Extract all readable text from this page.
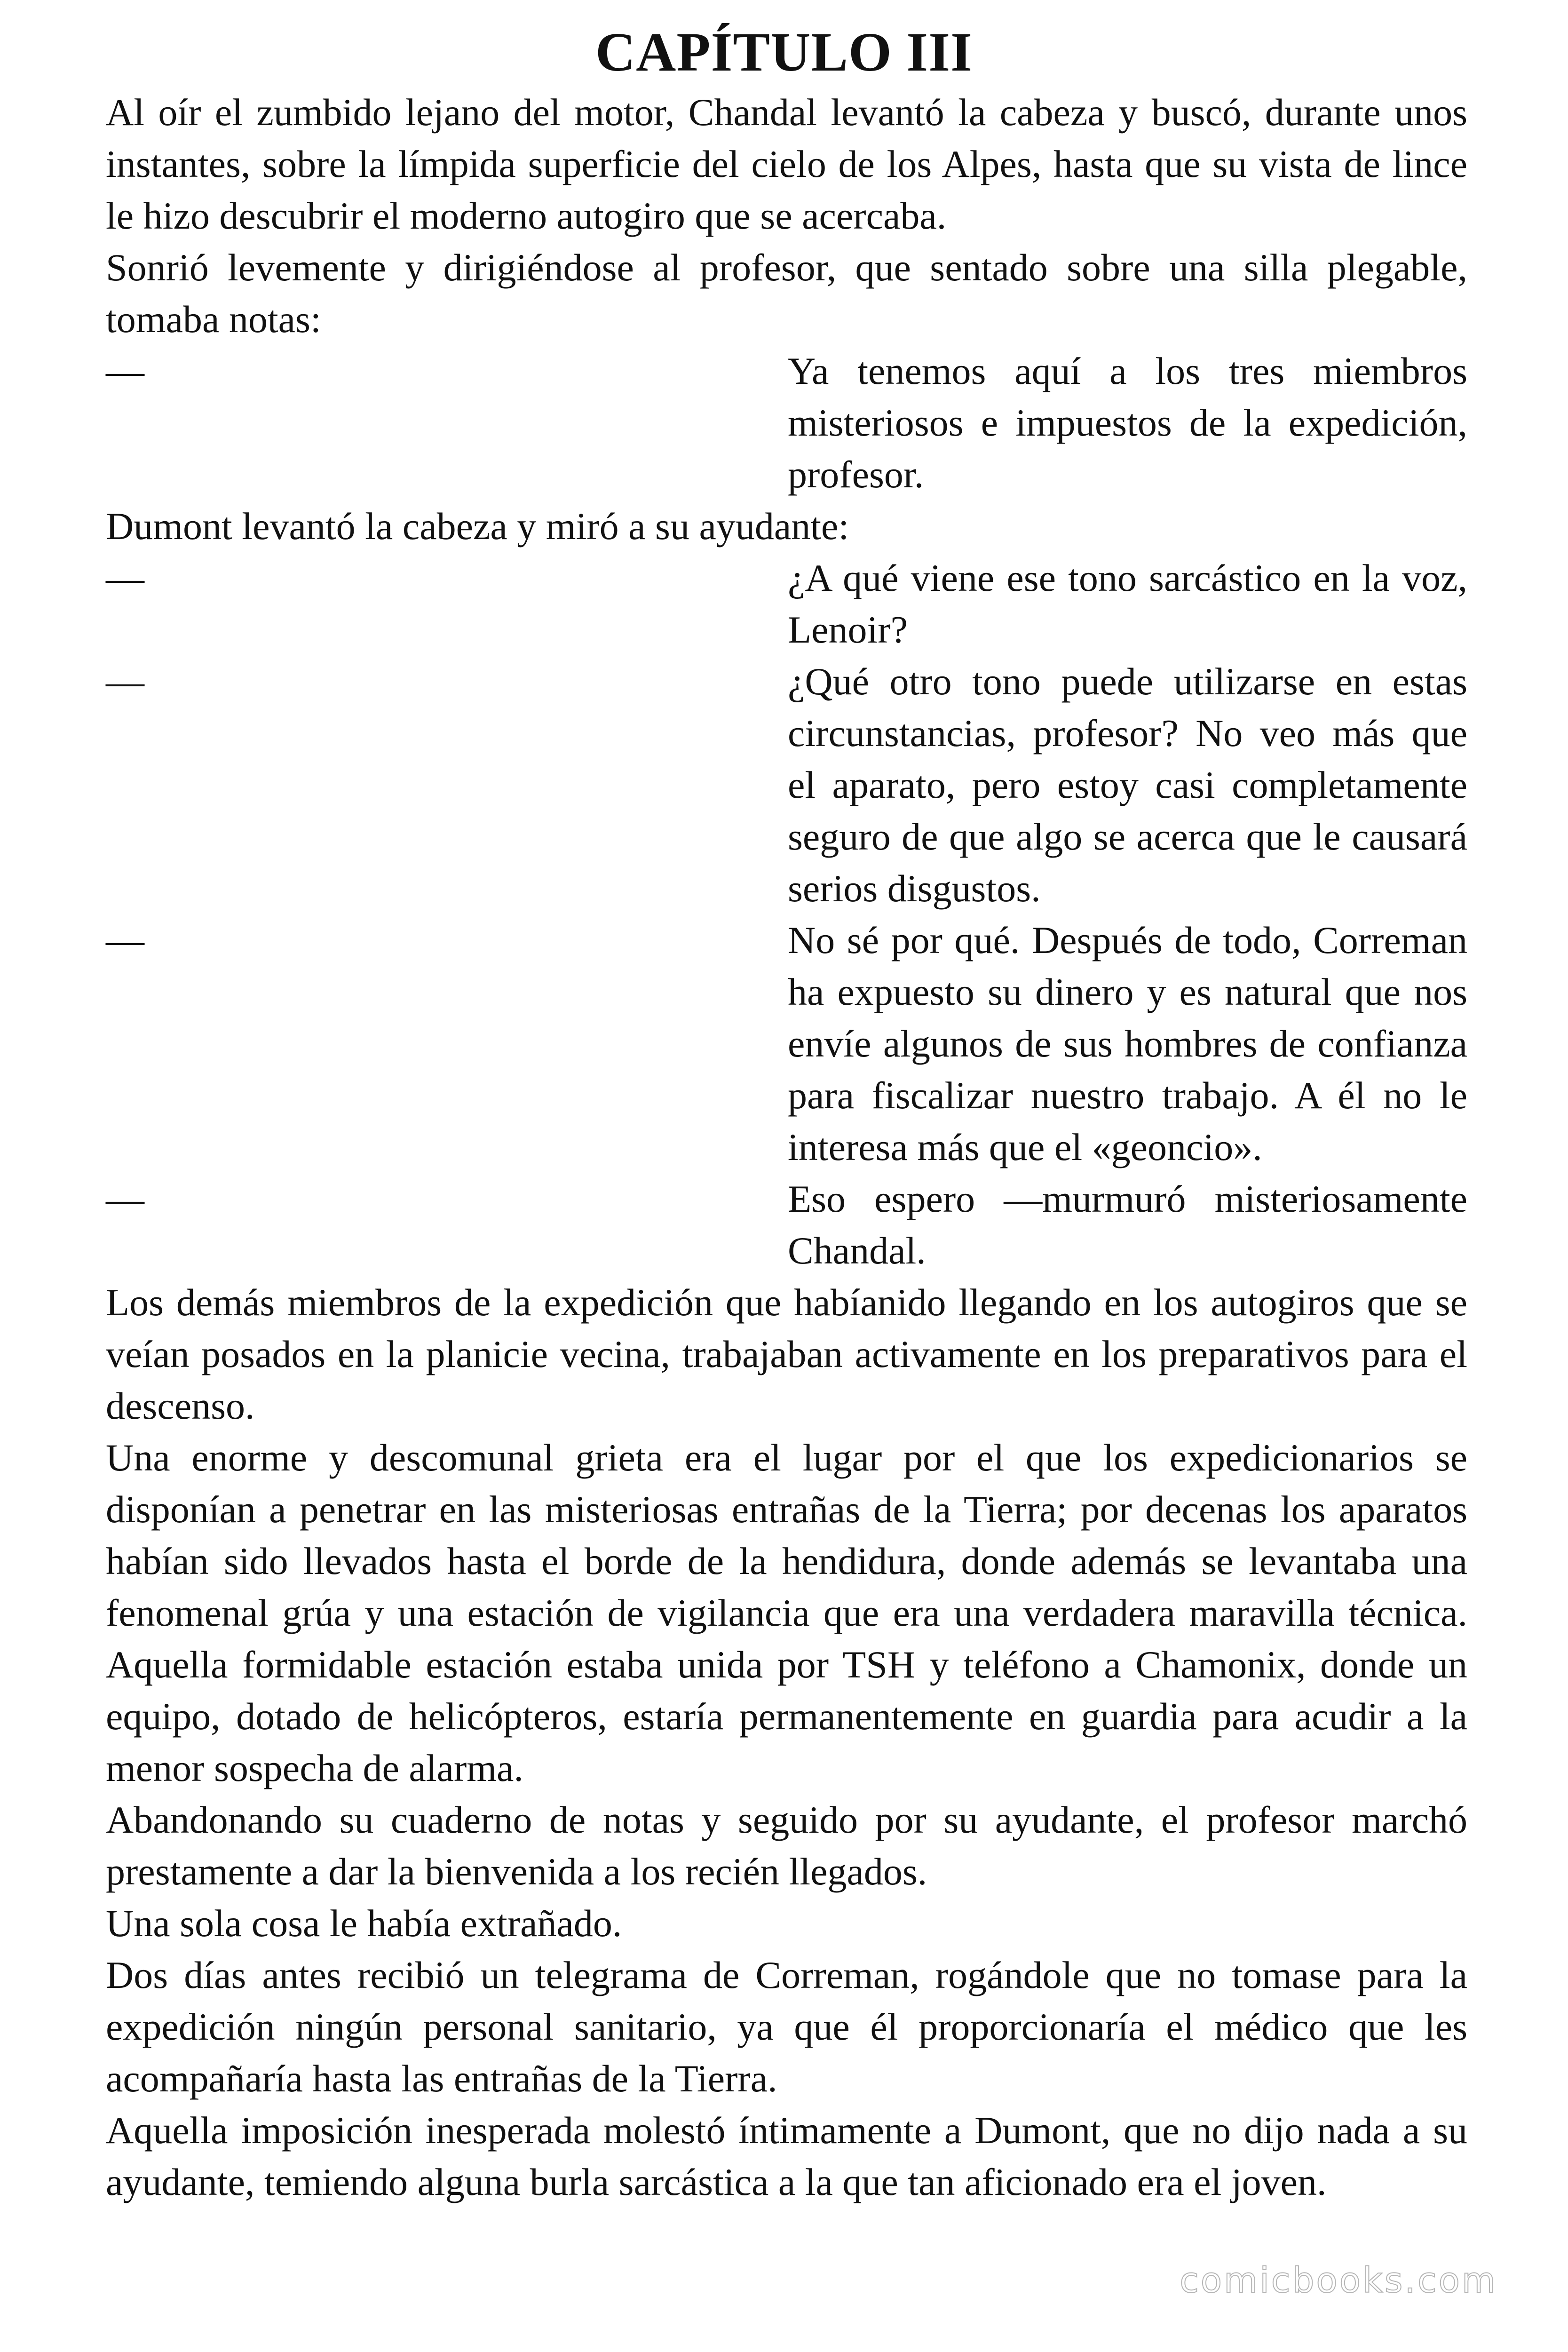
CAPÍTULO III

Al oír el zumbido lejano del motor, Chandal levantó la cabeza y buscó, durante unos instantes, sobre la límpida superficie del cielo de los Alpes, hasta que su vista de lince le hizo descubrir el moderno autogiro que se acercaba.

Sonrió levemente y dirigiéndose al profesor, que sentado sobre una silla plegable, tomaba notas:

—	Ya tenemos aquí a los tres miembros misteriosos e impuestos de la expedición, profesor.

Dumont levantó la cabeza y miró a su ayudante:

—	¿A qué viene ese tono sarcástico en la voz, Lenoir?
—	¿Qué otro tono puede utilizarse en estas circunstancias, profesor? No veo más que el aparato, pero estoy casi completamente seguro de que algo se acerca que le causará serios disgustos.
—	No sé por qué. Después de todo, Correman ha expuesto su dinero y es natural que nos envíe algunos de sus hombres de confianza para fiscalizar nuestro trabajo. A él no le interesa más que el «geoncio».
—	Eso espero —murmuró misteriosamente Chandal.

Los demás miembros de la expedición que habíanido llegando en los autogiros que se veían posados en la planicie vecina, trabajaban activamente en los preparativos para el descenso.

Una enorme y descomunal grieta era el lugar por el que los expedicionarios se disponían a penetrar en las misteriosas entrañas de la Tierra; por decenas los aparatos habían sido llevados hasta el borde de la hendidura, donde además se levantaba una fenomenal grúa y una estación de vigilancia que era una verdadera maravilla técnica. Aquella formidable estación estaba unida por TSH y teléfono a Chamonix, donde un equipo, dotado de helicópteros, estaría permanentemente en guardia para acudir a la menor sospecha de alarma.

Abandonando su cuaderno de notas y seguido por su ayudante, el profesor marchó prestamente a dar la bienvenida a los recién llegados.

Una sola cosa le había extrañado.

Dos días antes recibió un telegrama de Correman, rogándole que no tomase para la expedición ningún personal sanitario, ya que él proporcionaría el médico que les acompañaría hasta las entrañas de la Tierra.

Aquella imposición inesperada molestó íntimamente a Dumont, que no dijo nada a su ayudante, temiendo alguna burla sarcástica a la que tan aficionado era el joven.

comicbooks.com
